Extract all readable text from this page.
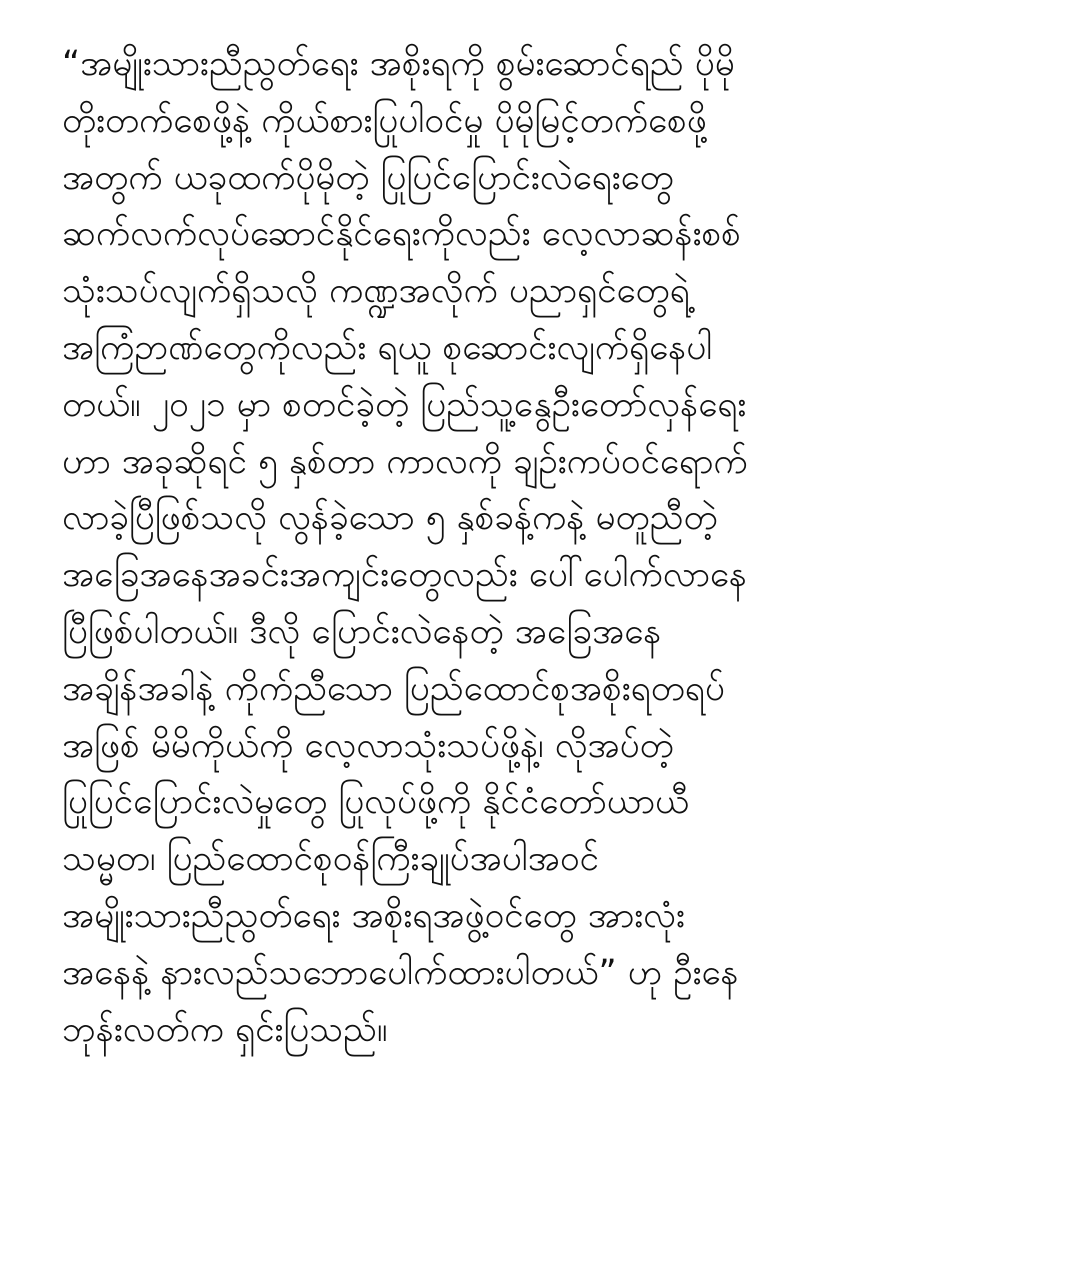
“အမျိုးသားညီညွတ်ရေး အစိုးရကို စွမ်းဆောင်ရည် ပိုမို
တိုးတက်စေဖို့နဲ့ ကိုယ်စားပြုပါဝင်မှု ပိုမိုမြင့်တက်စေဖို့
အတွက် ယခုထက်ပိုမိုတဲ့ ပြုပြင်ပြောင်းလဲရေးတွေ
ဆက်လက်လုပ်ဆောင်နိုင်ရေးကိုလည်း လေ့လာဆန်းစစ်
သုံးသပ်လျက်ရှိသလို ကဏ္ဍအလိုက် ပညာရှင်တွေရဲ့
အကြံဉာဏ်တွေကိုလည်း ရယူ စုဆောင်းလျက်ရှိနေပါ
တယ်။ ၂၀၂၁ မှာ စတင်ခဲ့တဲ့ ပြည်သူ့နွေဦးတော်လှန်ရေး
ဟာ အခုဆိုရင် ၅ နှစ်တာ ကာလကို ချဉ်းကပ်ဝင်ရောက်
လာခဲ့ပြီဖြစ်သလို လွန်ခဲ့သော ၅ နှစ်ခန့်ကနဲ့ မတူညီတဲ့
အခြေအနေအခင်းအကျင်းတွေလည်း ပေါ်ပေါက်လာနေ
ပြီဖြစ်ပါတယ်။ ဒီလို ပြောင်းလဲနေတဲ့ အခြေအနေ
အချိန်အခါနဲ့ ကိုက်ညီသော ပြည်ထောင်စုအစိုးရတရပ်
အဖြစ် မိမိကိုယ်ကို လေ့လာသုံးသပ်ဖို့နဲ့၊ လိုအပ်တဲ့
ပြုပြင်ပြောင်းလဲမှုတွေ ပြုလုပ်ဖို့ကို နိုင်ငံတော်ယာယီ
သမ္မတ၊ ပြည်ထောင်စုဝန်ကြီးချုပ်အပါအဝင်
အမျိုးသားညီညွတ်ရေး အစိုးရအဖွဲ့ဝင်တွေ အားလုံး
အနေနဲ့ နားလည်သဘောပေါက်ထားပါတယ်” ဟု ဦးနေ
ဘုန်းလတ်က ရှင်းပြသည်။
